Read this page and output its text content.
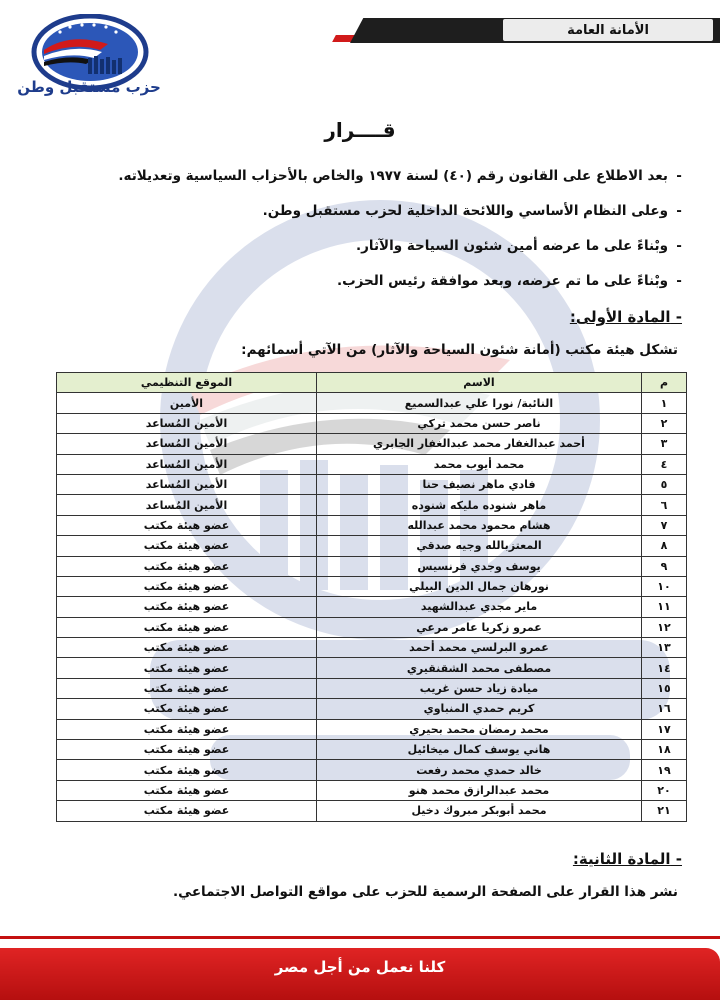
الأمانة العامة
حزب مستقبل وطن
قــــرار
-
بعد الاطلاع على القانون رقم (٤٠) لسنة ١٩٧٧ والخاص بالأحزاب السياسية وتعديلاته.
-
وعلى النظام الأساسي واللائحة الداخلية لحزب مستقبل وطن.
-
وبْناءً على ما عرضه أمين شئون السياحة والآثار.
-
وبْناءً على ما تم عرضه، وبعد موافقة رئيس الحزب.
- المادة الأولى:
تشكل هيئة مكتب (أمانة شئون السياحة والآثار) من الآتي أسمائهم:
م	الاسم	الموقع التنظيمي
١	النائبة/ نورا علي عبدالسميع	الأمين
٢	ناصر حسن محمد تركي	الأمين المُساعد
٣	أحمد عبدالغفار محمد عبدالغفار الجابري	الأمين المُساعد
٤	محمد أيوب محمد	الأمين المُساعد
٥	فادي ماهر نصيف حنا	الأمين المُساعد
٦	ماهر شنوده مليكه شنوده	الأمين المُساعد
٧	هشام محمود محمد عبدالله	عضو هيئة مكتب
٨	المعتزبالله وجيه صدقي	عضو هيئة مكتب
٩	يوسف وجدي فرنسيس	عضو هيئة مكتب
١٠	نورهان جمال الدين البيلي	عضو هيئة مكتب
١١	ماير مجدي عبدالشهيد	عضو هيئة مكتب
١٢	عمرو زكريا عامر مرعي	عضو هيئة مكتب
١٣	عمرو البرلسي محمد أحمد	عضو هيئة مكتب
١٤	مصطفى محمد الشقنقيري	عضو هيئة مكتب
١٥	ميادة زياد حسن غريب	عضو هيئة مكتب
١٦	كريم حمدي المنباوي	عضو هيئة مكتب
١٧	محمد رمضان محمد بحيري	عضو هيئة مكتب
١٨	هاني يوسف كمال ميخائيل	عضو هيئة مكتب
١٩	خالد حمدي محمد رفعت	عضو هيئة مكتب
٢٠	محمد عبدالرازق محمد هنو	عضو هيئة مكتب
٢١	محمد أبوبكر مبروك دخيل	عضو هيئة مكتب
- المادة الثانية:
نشر هذا القرار على الصفحة الرسمية للحزب على مواقع التواصل الاجتماعي.
كلنا نعمل من أجل مصر
